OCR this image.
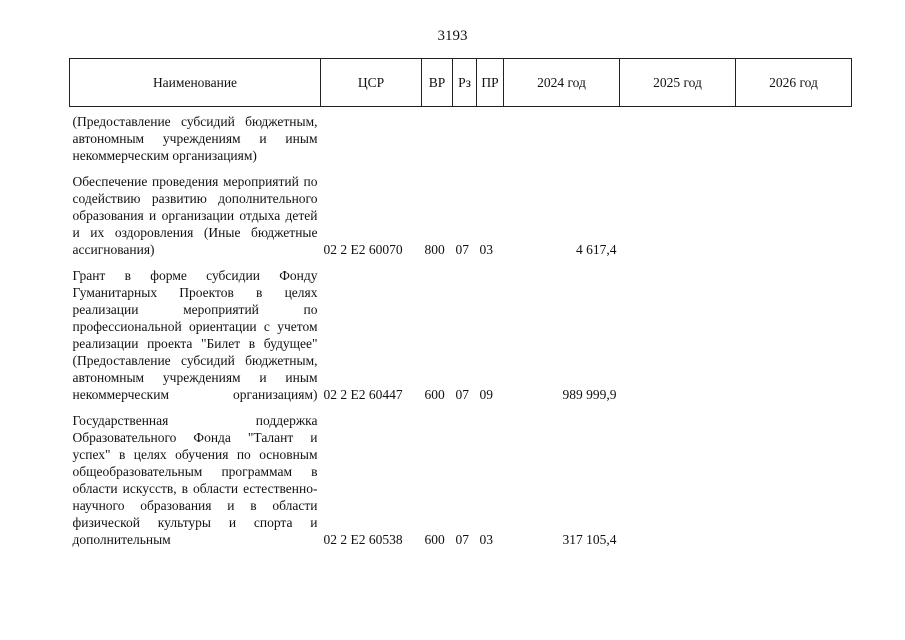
3193
Наименование	ЦСР	ВР	Рз	ПР	2024 год	2025 год	2026 год
(Предоставление субсидий бюджетным, автономным учреждениям и иным некоммерческим организациям)							
Обеспечение проведения мероприятий по содействию развитию дополнительного образования и организации отдыха детей и их оздоровления (Иные бюджетные ассигнования)	02 2 Е2 60070	800	07	03	4 617,4		
Грант в форме субсидии Фонду Гуманитарных Проектов в целях реализации мероприятий по профессиональной ориентации с учетом реализации проекта "Билет в будущее" (Предоставление субсидий бюджетным, автономным учреждениям и иным некоммерческим организациям)	02 2 Е2 60447	600	07	09	989 999,9		
Государственная поддержка Образовательного Фонда "Талант и успех" в целях обучения по основным общеобразовательным программам в области искусств, в области естественно-научного образования и в области физической культуры и спорта и дополнительным	02 2 Е2 60538	600	07	03	317 105,4		
